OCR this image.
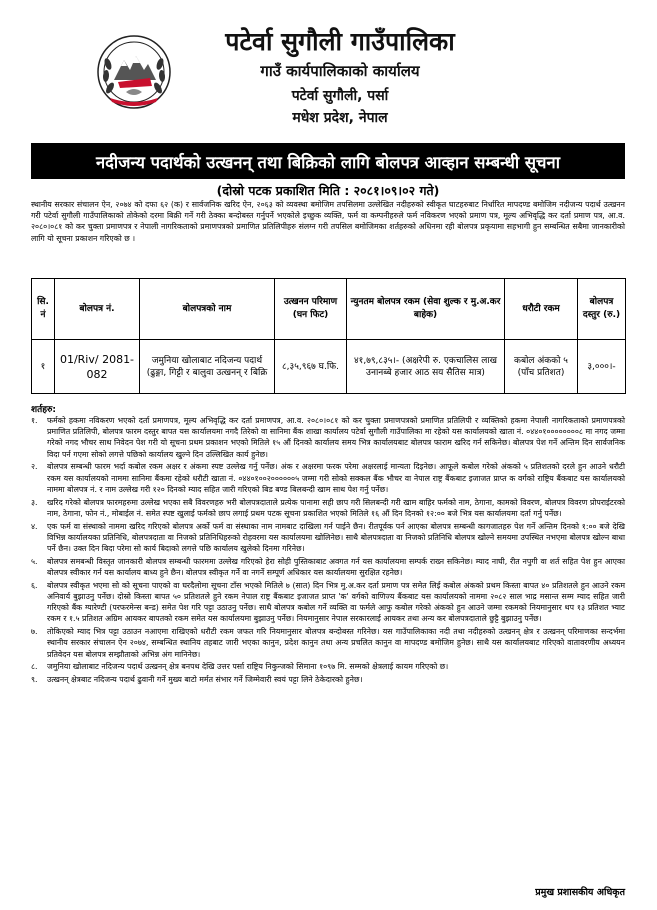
पटेर्वा सुगौली गाउँपालिका
गाउँ कार्यपालिकाको कार्यालय
पटेर्वा सुगौली, पर्सा
मधेश प्रदेश, नेपाल
नदीजन्य पदार्थको उत्खनन् तथा बिक्रिको लागि बोलपत्र आव्हान सम्बन्धी सूचना
(दोस्रो पटक प्रकाशित मिति : २०८१।०९।०२ गते)
स्थानीय सरकार संचालन ऐन, २०७४ को दफा ६२ (क) र सार्वजनिक खरिद ऐन, २०६३ को व्यवस्था बमोजिम तपसिलमा उल्लेखित नदीहरुको स्वीकृत घाटहरुबाट निर्धारित मापदण्ड बमोजिम नदीजन्य पदार्थ उत्खनन गरी पटेर्वा सुगौली गाउँपालिकाको तोकेको दरमा बिक्री गर्ने गरी ठेक्का बन्दोबस्त गर्नुपर्ने भएकोले इच्छुक व्यक्ति, फर्म वा कम्पनीहरुले फर्म नविकरण भएको प्रमाण पत्र, मूल्य अभिवृद्धि कर दर्ता प्रमाण पत्र, आ.व. २०८०।०८१ को कर चुक्ता प्रमाणपत्र र नेपाली नागरिकताको प्रमाणपत्रको प्रमाणित प्रतिलिपीहरु संलग्न गरी तपसिल बमोजिमका शर्तहरुको अधिनमा रही बोलपत्र प्रकृयामा सहभागी हुन सम्बन्धित सबैमा जानकारीको लागि यो सूचना प्रकाशन गरिएको छ ।
सि. नं	बोलपत्र नं.	बोलपत्रको नाम	उत्खनन परिमाण (घन फिट)	न्युनतम बोलपत्र रकम (सेवा शुल्क र मु.अ.कर बाहेक)	धरौटी रकम	बोलपत्र दस्तुर (रु.)
१	01/Riv/ 2081-082	जमुनिया खोलाबाट नदिजन्य पदार्थ (ढुङ्गा, गिट्टी र बालुवा उत्खनन् र बिक्रि	८,३५,९६७ घ.फि.	४१,७९,८३५।- (अक्षरेपी रु. एकचालिस लाख उनानब्बे हजार आठ सय सैतिस मात्र)	कबोल अंकको ५ (पाँच प्रतिशत)	३,०००।-
शर्तहरु:
१.	फर्मको हकमा नविकरण भएको दर्ता प्रमाणपत्र, मूल्य अभिवृद्धि कर दर्ता प्रमाणपत्र, आ.व. २०८०।०८१ को कर चुक्ता प्रमाणपत्रको प्रमाणित प्रतिलिपी र व्यक्तिको हकमा नेपाली नागरिकताको प्रमाणपत्रको प्रमाणित प्रतिलिपी, बोलपत्र फारम दस्तुर बापत यस कार्यालयमा नगदै तिरेको वा सानिमा बैंक शाखा कार्यालय पटेर्वा सुगौली गाउँपालिका मा रहेको यस कार्यालयको खाता नं. ०४४०१००००००००८ मा नगद जम्मा गरेको नगद भौचर साथ निवेदन पेश गरी यो सूचना प्रथम प्रकाशन भएको मितिले १५ औं दिनको कार्यालय समय भित्र कार्यालयबाट बोलपत्र फाराम खरिद गर्न सकिनेछ। बोलपत्र पेश गर्ने अन्तिम दिन सार्वजनिक विदा पर्न गएमा सोको लगत्ते पछिको कार्यालय खुल्ने दिन उल्लिखित कार्य हुनेछ।
२.	बोलपत्र सम्बन्धी फारम भर्दा कबोल रकम अक्षर र अंकमा स्पष्ट उल्लेख गर्नु पर्नेछ। अंक र अक्षरमा फरक परेमा अक्षरलाई मान्यता दिइनेछ। आफूले कबोल गरेको अंकको ५ प्रतिशतको दरले हुन आउने धरौटी रकम यस कार्यालयको नाममा सानिमा बैंकमा रहेको धरौटी खाता नं. ०४४०१००२००००००५ जम्मा गरी सोको सक्कल बैंक भौचर वा नेपाल राष्ट्र बैंकबाट इजाजत प्राप्त क वर्गको राष्ट्रिय बैंकबाट यस कार्यालयको नाममा बोलपत्र नं. र नाम उल्लेख गरी १२० दिनको म्याद सहित जारी गरिएको बिड बण्ड बिलबन्दी खाम साथ पेश गर्नु पर्नेछ।
३.	खरिद गरेको बोलपत्र फारमहरुमा उल्लेख भएका सबै विवरणहरु भरी बोलपत्रदाताले प्रत्येक पानामा सही छाप गरी सिलबन्दी गरी खाम बाहिर फर्मको नाम, ठेगाना, कामको विवरण, बोलपत्र विवरण प्रोपराईटरको नाम, ठेगाना, फोन नं., मोबाईल नं. समेत स्पष्ट खुलाई फर्मको छाप लगाई प्रथम पटक सूचना प्रकाशित भएको मितिले १६ औं दिन दिनको १२:०० बजे भित्र यस कार्यालयमा दर्ता गर्नु पर्नेछ।
४.	एक फर्म वा संस्थाको नाममा खरिद गरिएको बोलपत्र अर्को फर्म वा संस्थाका नाम नामबाट दाखिला गर्न पाईने छैन। रीतपूर्वक पर्न आएका बोलपत्र सम्बन्धी कागजातहरु पेश गर्ने अन्तिम दिनको १:०० बजे देखि विभिन्न कार्यालयका प्रतिनिधि, बोलपत्रदाता वा निजको प्रतिनिधिहरुको रोहवरमा यस कार्यालयमा खोलिनेछ। साथै बोलपत्रदाता वा निजको प्रतिनिधि बोलपत्र खोल्ने समयमा उपस्थित नभएमा बोलपत्र खोल्न बाधा पर्ने छैन। उक्त दिन बिदा परेमा सो कार्य बिदाको लगत्ते पछि कार्यालय खुलेको दिनमा गरिनेछ।
५.	बोलपत्र समबन्धी विस्तृत जानकारी बोलपत्र सम्बन्धी फारममा उल्लेख गरिएको हेरा सोही पुस्तिकाबाट अवगत गर्न यस कार्यालयमा सम्पर्क राख्न सकिनेछ। म्याद नाघी, रीत नपुगी वा शर्त सहित पेश हुन आएका बोलपत्र स्वीकार गर्न यस कार्यालय बाध्य हुने छैन। बोलपत्र स्वीकृत गर्ने वा नगर्ने सम्पूर्ण अधिकार यस कार्यालयमा सुरक्षित रहनेछ।
६.	बोलपत्र स्वीकृत भएमा सो को सूचना पाएको वा घरदैलोमा सूचना टाँस भएको मितिले ७ (सात) दिन भित्र मु.अ.कर दर्ता प्रमाण पत्र समेत लिई कबोल अंकको प्रथम किस्ता बापत ४० प्रतिशतले हुन आउने रकम अनिवार्य बुझाउनु पर्नेछ। दोस्रो किस्ता बापत ५० प्रतिशतले हुने रकम नेपाल राष्ट्र बैंकबाट इजाजत प्राप्त 'क' वर्गको वाणिज्य बैंकबाट यस कार्यालयको नाममा २०८२ साल भाद्र मसान्त सम्म म्याद सहित जारी गरिएको बैंक ग्यारेण्टी (परफरमेन्स बन्ड) समेत पेश गरि पट्टा उठाउनु पर्नेछ। साथै बोलपत्र कबोल गर्ने व्यक्ति वा फर्मले आफु कबोल गरेको अंकको हुन आउने जम्मा रकमको नियमानुसार थप १३ प्रतिशत भ्याट रकम र १.५ प्रतिशत अग्रिम आयकर बापतको रकम समेत यस कार्यालयमा बुझाउनु पर्नेछ। नियमानुसार नेपाल सरकारलाई आयकर तथा अन्य कर बोलपत्रदाताले छुट्टै बुझाउनु पर्नेछ।
७.	तोकिएको म्याद भित्र पट्टा उठाउन नआएमा राखिएको धरौटी रकम जफत गरि नियमानुसार बोलपत्र बन्दोबस्त गरिनेछ। यस गाउँपालिकाका नदी तथा नदीहरुको उत्खनन् क्षेत्र र उत्खनन् परिमाणका सन्दर्भमा स्थानीय सरकार संचालन ऐन २०७४, सम्बन्धित स्थानिय तहबाट जारी भएका कानुन, प्रदेश कानुन तथा अन्य प्रचलित कानुन वा मापदण्ड बमोजिम हुनेछ। साथै यस कार्यालयबाट गरिएको वातावरणीय अध्ययन प्रतिवेदन यस बोलपत्र सम्झौताको अभिन्न अंग मानिनेछ।
८.	जमुनिया खोलाबाट नदिजन्य पदार्थ उत्खनन् क्षेत्र बनपथ देखि उत्तर पर्सा राष्ट्रिय निकुन्जको सिमाना १०९७ मि. सम्मको क्षेत्रलाई कायम गरिएको छ।
९.	उत्खनन् क्षेत्रबाट नदिजन्य पदार्थ ढुवानी गर्ने मुख्य बाटो मर्मत संभार गर्ने जिम्मेवारी स्वयं पट्टा लिने ठेकेदारको हुनेछ।
प्रमुख प्रशासकीय अधिकृत
